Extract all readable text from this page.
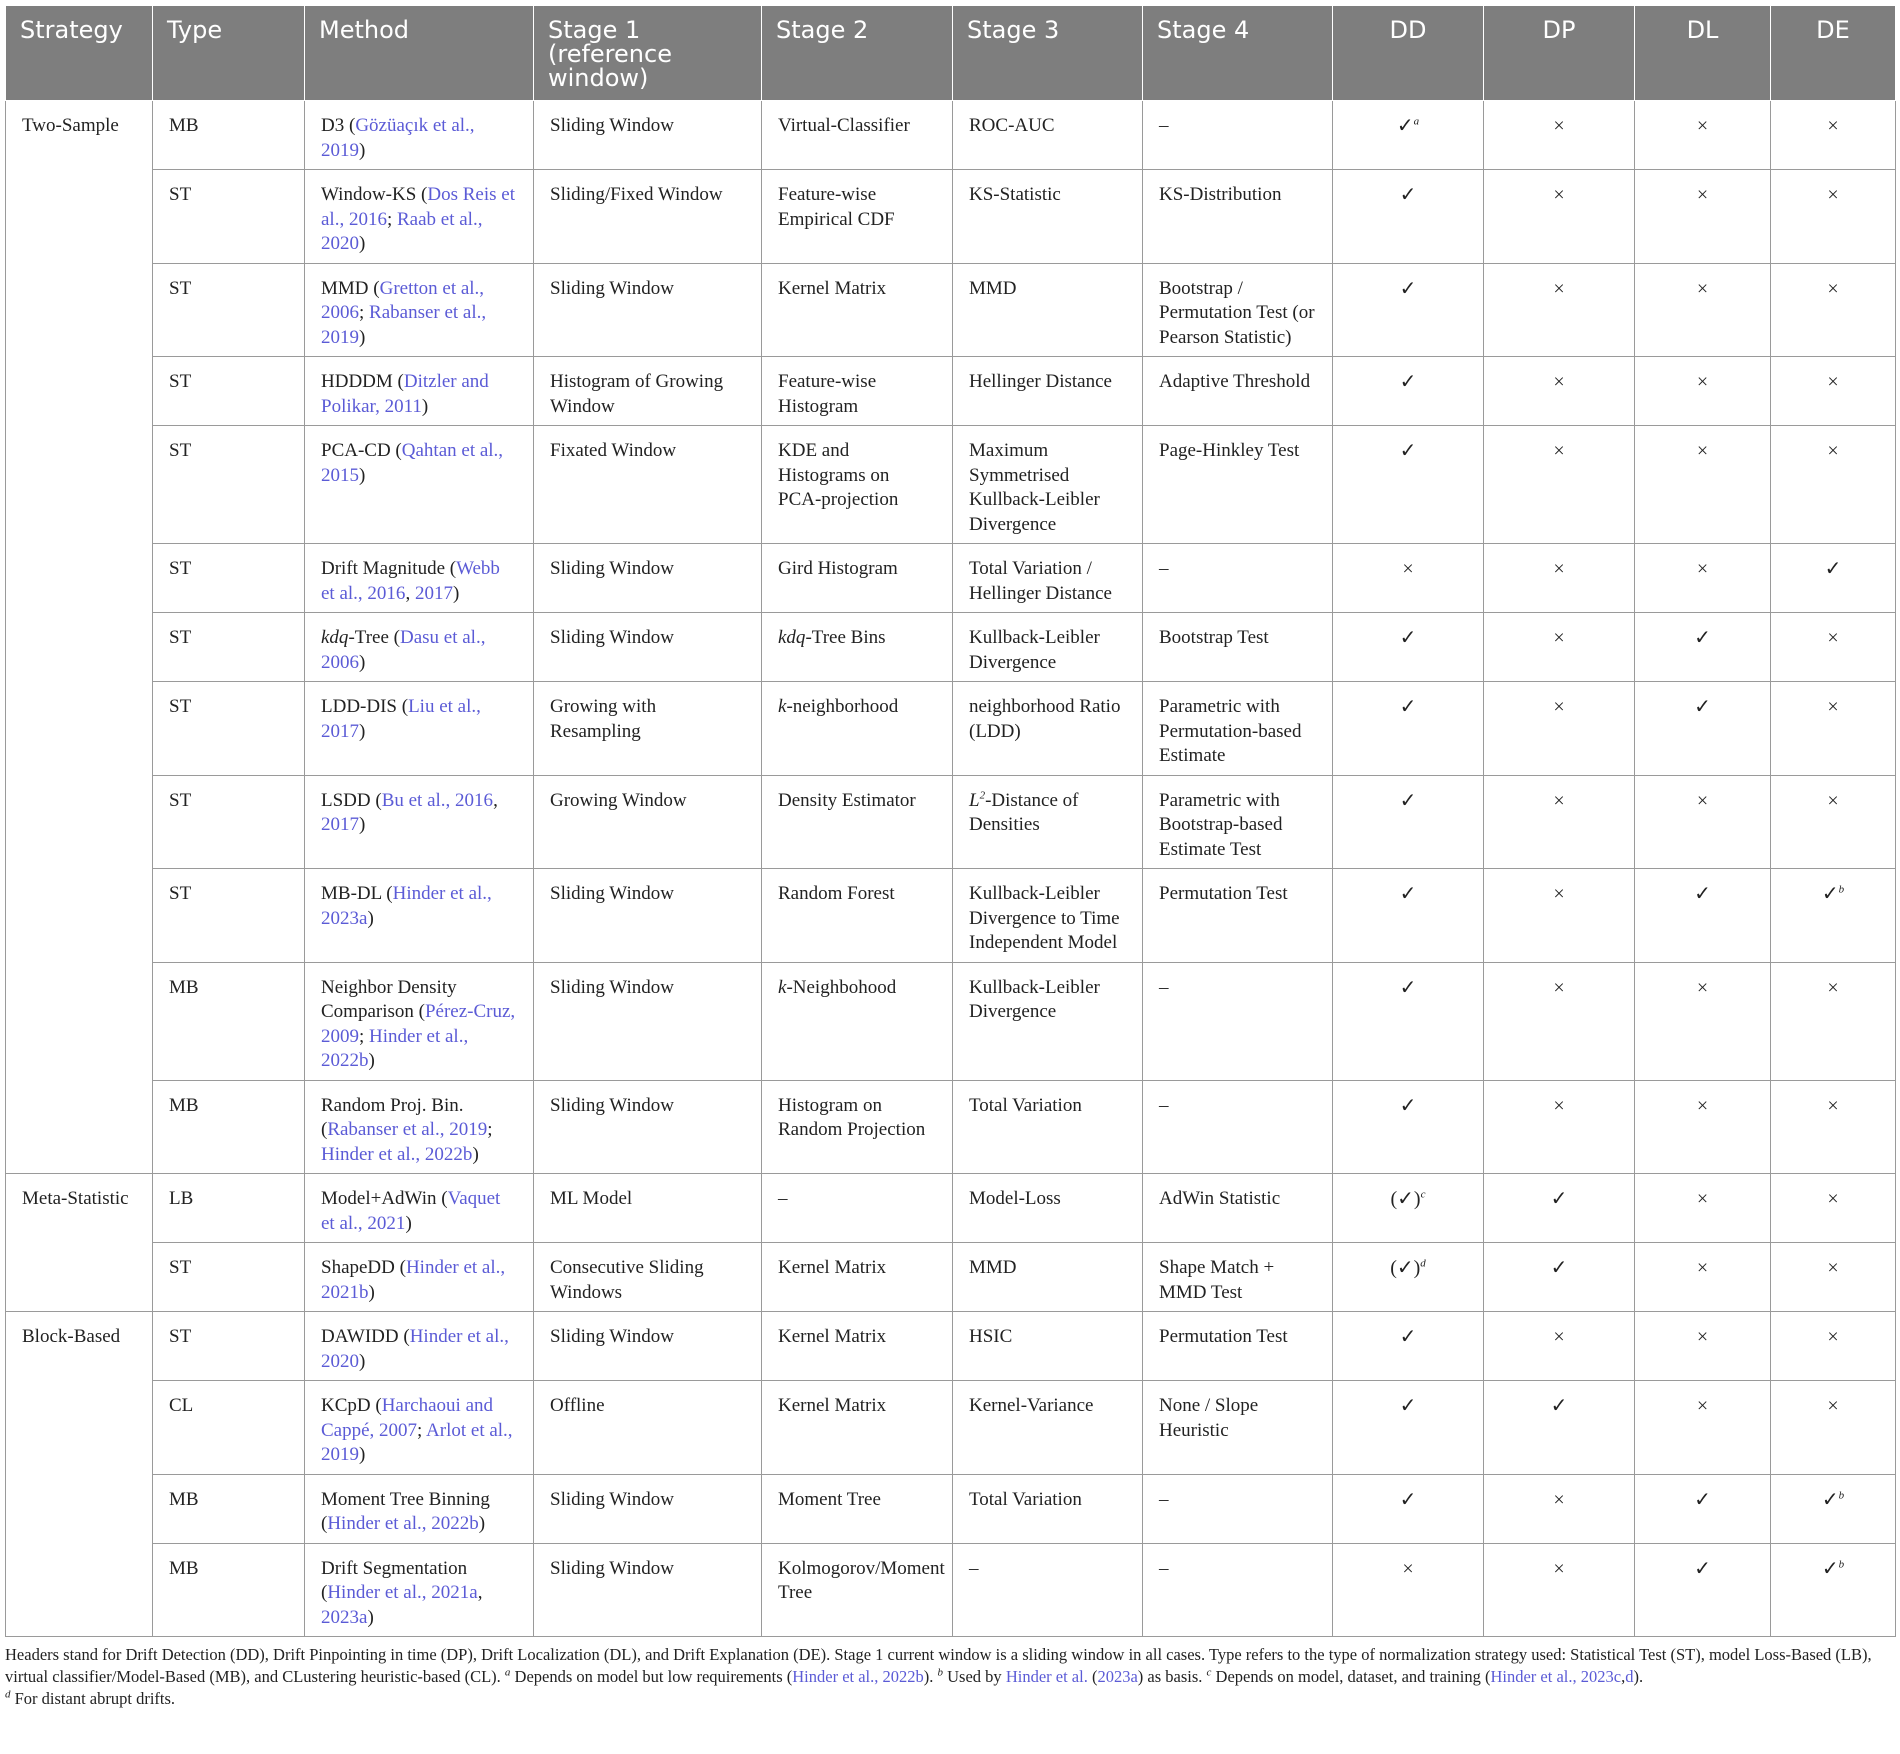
Strategy	Type	Method	Stage 1 (reference window)	Stage 2	Stage 3	Stage 4	DD	DP	DL	DE
Two-Sample	MB	D3 (Gözüaçık et al., 2019)	Sliding Window	Virtual-Classifier	ROC-AUC	–	✓$^a$	×	×	×
	ST	Window-KS (Dos Reis et al., 2016; Raab et al., 2020)	Sliding/Fixed Window	Feature-wise Empirical CDF	KS-Statistic	KS-Distribution	✓	×	×	×
	ST	MMD (Gretton et al., 2006; Rabanser et al., 2019)	Sliding Window	Kernel Matrix	MMD	Bootstrap / Permutation Test (or Pearson Statistic)	✓	×	×	×
	ST	HDDDM (Ditzler and Polikar, 2011)	Histogram of Growing Window	Feature-wise Histogram	Hellinger Distance	Adaptive Threshold	✓	×	×	×
	ST	PCA-CD (Qahtan et al., 2015)	Fixated Window	KDE and Histograms on PCA-projection	Maximum Symmetrised Kullback-Leibler Divergence	Page-Hinkley Test	✓	×	×	×
	ST	Drift Magnitude (Webb et al., 2016, 2017)	Sliding Window	Gird Histogram	Total Variation / Hellinger Distance	–	×	×	×	✓
	ST	kdq-Tree (Dasu et al., 2006)	Sliding Window	kdq-Tree Bins	Kullback-Leibler Divergence	Bootstrap Test	✓	×	✓	×
	ST	LDD-DIS (Liu et al., 2017)	Growing with Resampling	k-neighborhood	neighborhood Ratio (LDD)	Parametric with Permutation-based Estimate	✓	×	✓	×
	ST	LSDD (Bu et al., 2016, 2017)	Growing Window	Density Estimator	$L^2$-Distance of Densities	Parametric with Bootstrap-based Estimate Test	✓	×	×	×
	ST	MB-DL (Hinder et al., 2023a)	Sliding Window	Random Forest	Kullback-Leibler Divergence to Time Independent Model	Permutation Test	✓	×	✓	✓$^b$
	MB	Neighbor Density Comparison (Pérez-Cruz, 2009; Hinder et al., 2022b)	Sliding Window	k-Neighbohood	Kullback-Leibler Divergence	–	✓	×	×	×
	MB	Random Proj. Bin. (Rabanser et al., 2019; Hinder et al., 2022b)	Sliding Window	Histogram on Random Projection	Total Variation	–	✓	×	×	×
Meta-Statistic	LB	Model+AdWin (Vaquet et al., 2021)	ML Model	–	Model-Loss	AdWin Statistic	(✓)$^c$	✓	×	×
	ST	ShapeDD (Hinder et al., 2021b)	Consecutive Sliding Windows	Kernel Matrix	MMD	Shape Match + MMD Test	(✓)$^d$	✓	×	×
Block-Based	ST	DAWIDD (Hinder et al., 2020)	Sliding Window	Kernel Matrix	HSIC	Permutation Test	✓	×	×	×
	CL	KCpD (Harchaoui and Cappé, 2007; Arlot et al., 2019)	Offline	Kernel Matrix	Kernel-Variance	None / Slope Heuristic	✓	✓	×	×
	MB	Moment Tree Binning (Hinder et al., 2022b)	Sliding Window	Moment Tree	Total Variation	–	✓	×	✓	✓$^b$
	MB	Drift Segmentation (Hinder et al., 2021a, 2023a)	Sliding Window	Kolmogorov/Moment Tree	–	–	×	×	✓	✓$^b$
Headers stand for Drift Detection (DD), Drift Pinpointing in time (DP), Drift Localization (DL), and Drift Explanation (DE). Stage 1 current window is a sliding window in all cases. Type refers to the type of normalization strategy used: Statistical Test (ST), model Loss-Based (LB), virtual classifier/Model-Based (MB), and CLustering heuristic-based (CL). $^a$ Depends on model but low requirements (Hinder et al., 2022b). $^b$ Used by Hinder et al. (2023a) as basis. $^c$ Depends on model, dataset, and training (Hinder et al., 2023c,d).
$^d$ For distant abrupt drifts.
